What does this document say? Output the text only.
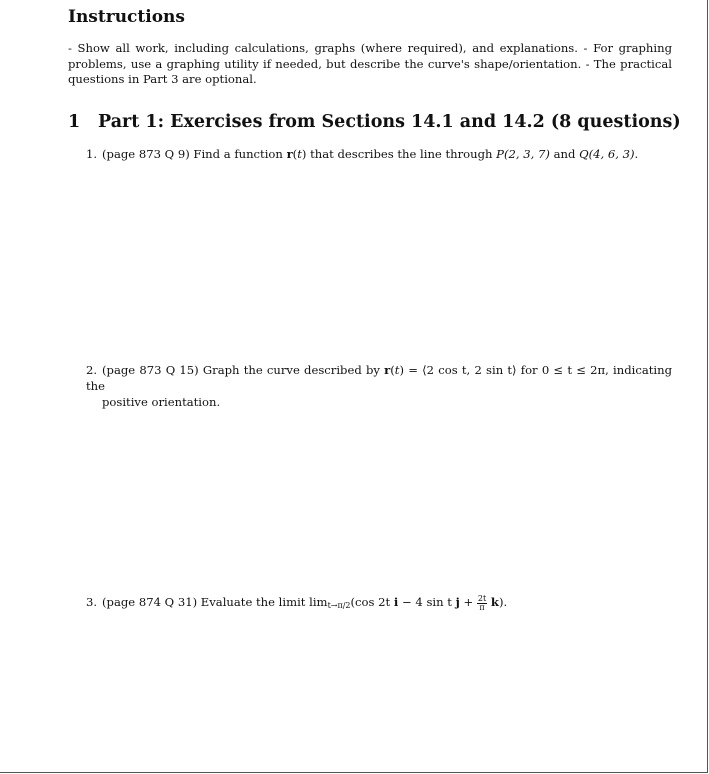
Instructions
- Show all work, including calculations, graphs (where required), and explanations. - For graphing problems, use a graphing utility if needed, but describe the curve's shape/orientation. - The practical questions in Part 3 are optional.
1 Part 1: Exercises from Sections 14.1 and 14.2 (8 questions)
1. (page 873 Q 9) Find a function r(t) that describes the line through P(2, 3, 7) and Q(4, 6, 3).
2. (page 873 Q 15) Graph the curve described by r(t) = ⟨2 cos t, 2 sin t⟩ for 0 ≤ t ≤ 2π, indicating the
positive orientation.
3. (page 874 Q 31) Evaluate the limit $\lim_{t\to\pi/2}(\cos$ 2t i − 4 sin t $j + \frac{2t}{\pi} k$).
